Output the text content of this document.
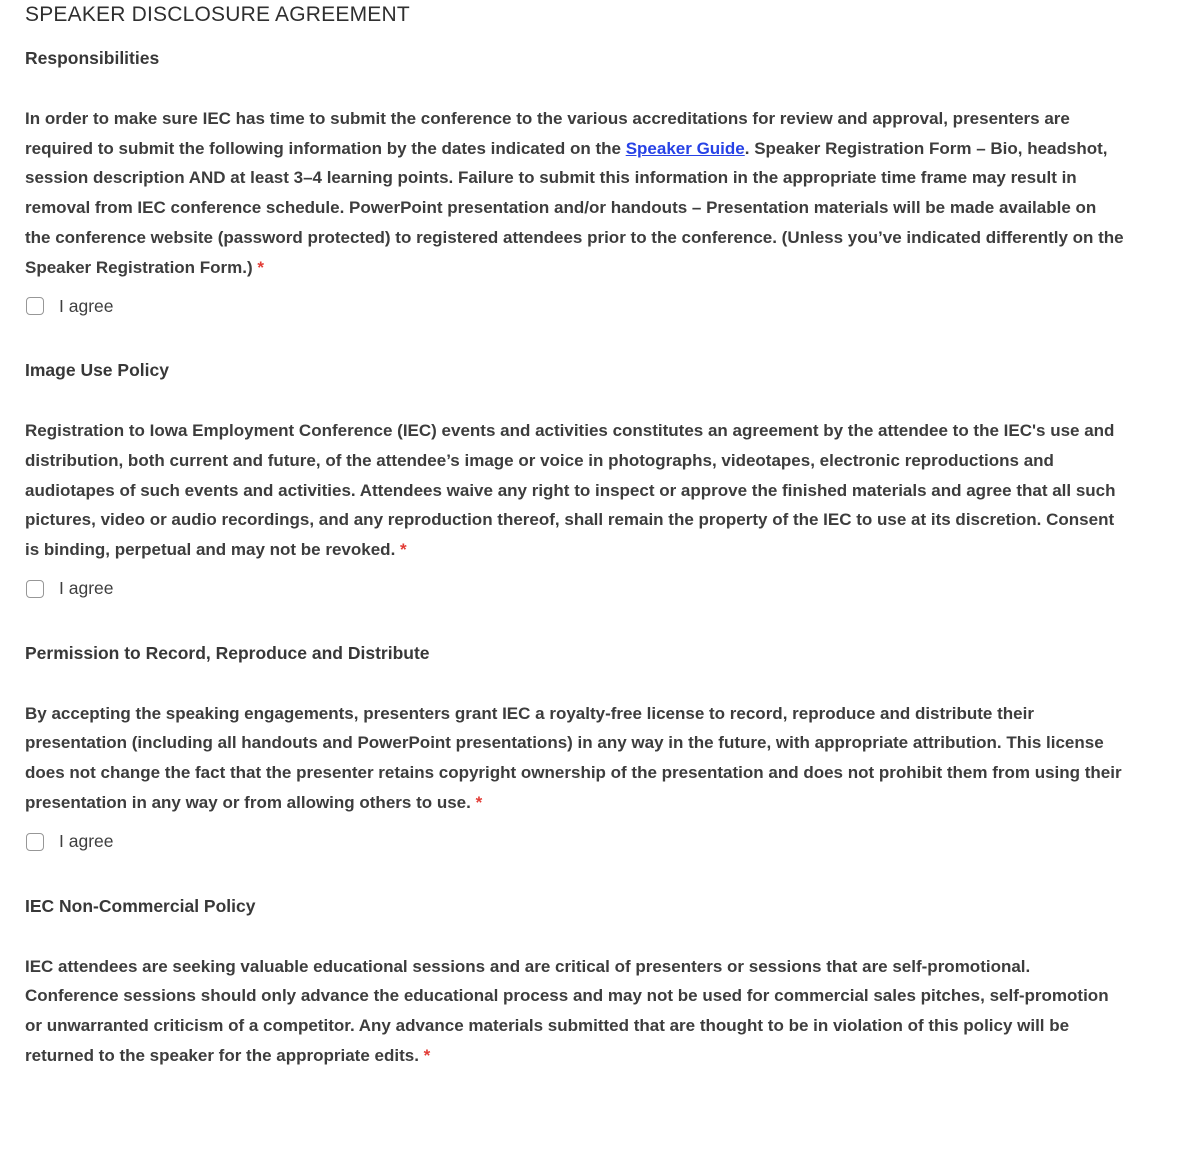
SPEAKER DISCLOSURE AGREEMENT
Responsibilities

In order to make sure IEC has time to submit the conference to the various accreditations for review and approval, presenters are required to submit the following information by the dates indicated on the Speaker Guide. Speaker Registration Form – Bio, headshot, session description AND at least 3–4 learning points. Failure to submit this information in the appropriate time frame may result in removal from IEC conference schedule. PowerPoint presentation and/or handouts – Presentation materials will be made available on the conference website (password protected) to registered attendees prior to the conference. (Unless you’ve indicated differently on the Speaker Registration Form.) *

I agree
Image Use Policy

Registration to Iowa Employment Conference (IEC) events and activities constitutes an agreement by the attendee to the IEC's use and distribution, both current and future, of the attendee’s image or voice in photographs, videotapes, electronic reproductions and audiotapes of such events and activities. Attendees waive any right to inspect or approve the finished materials and agree that all such pictures, video or audio recordings, and any reproduction thereof, shall remain the property of the IEC to use at its discretion. Consent is binding, perpetual and may not be revoked. *

I agree
Permission to Record, Reproduce and Distribute

By accepting the speaking engagements, presenters grant IEC a royalty-free license to record, reproduce and distribute their presentation (including all handouts and PowerPoint presentations) in any way in the future, with appropriate attribution. This license does not change the fact that the presenter retains copyright ownership of the presentation and does not prohibit them from using their presentation in any way or from allowing others to use. *

I agree
IEC Non-Commercial Policy

IEC attendees are seeking valuable educational sessions and are critical of presenters or sessions that are self-promotional. Conference sessions should only advance the educational process and may not be used for commercial sales pitches, self-promotion or unwarranted criticism of a competitor. Any advance materials submitted that are thought to be in violation of this policy will be returned to the speaker for the appropriate edits. *
